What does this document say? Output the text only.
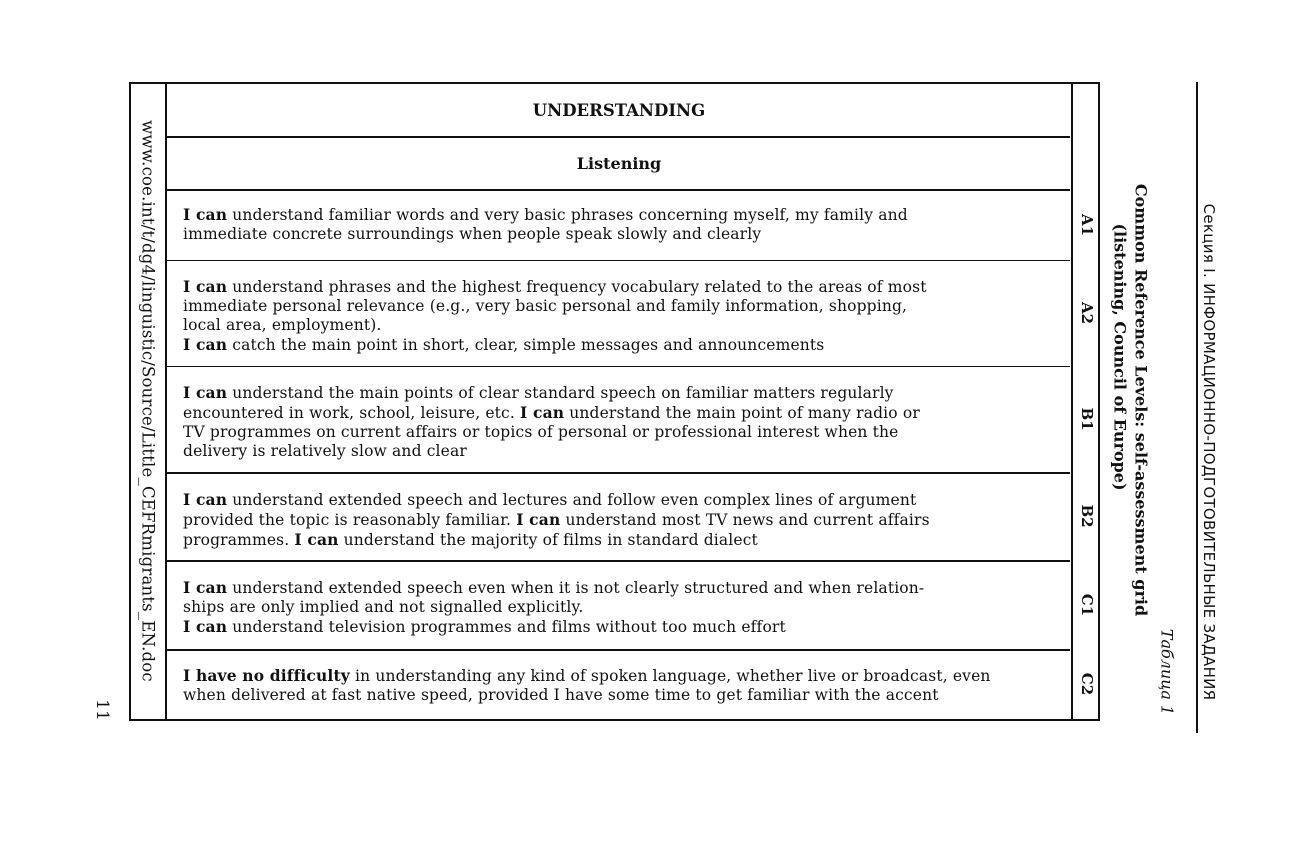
Секция I. ИНФОРМАЦИОННО-ПОДГОТОВИТЕЛЬНЫЕ ЗАДАНИЯ
Таблица 1
Common Reference Levels: self-assessment grid
(listening, Council of Europe)
11
www.coe.int/t/dg4/linguistic/Source/Little_CEFRmigrants_EN.doc
UNDERSTANDING
Listening
I can understand familiar words and very basic phrases concerning myself, my family and
immediate concrete surroundings when people speak slowly and clearly	A1
I can understand phrases and the highest frequency vocabulary related to the areas of most
immediate personal relevance (e.g., very basic personal and family information, shopping,
local area, employment).
I can catch the main point in short, clear, simple messages and announcements
A2
I can understand the main points of clear standard speech on familiar matters regularly
encountered in work, school, leisure, etc. I can understand the main point of many radio or
TV programmes on current affairs or topics of personal or professional interest when the
delivery is relatively slow and clear
B1
I can understand extended speech and lectures and follow even complex lines of argument
provided the topic is reasonably familiar. I can understand most TV news and current affairs
programmes. I can understand the majority of films in standard dialect
B2
I can understand extended speech even when it is not clearly structured and when relation-
ships are only implied and not signalled explicitly.
I can understand television programmes and films without too much effort
C1
I have no difficulty in understanding any kind of spoken language, whether live or broadcast, even
when delivered at fast native speed, provided I have some time to get familiar with the accent	C2
